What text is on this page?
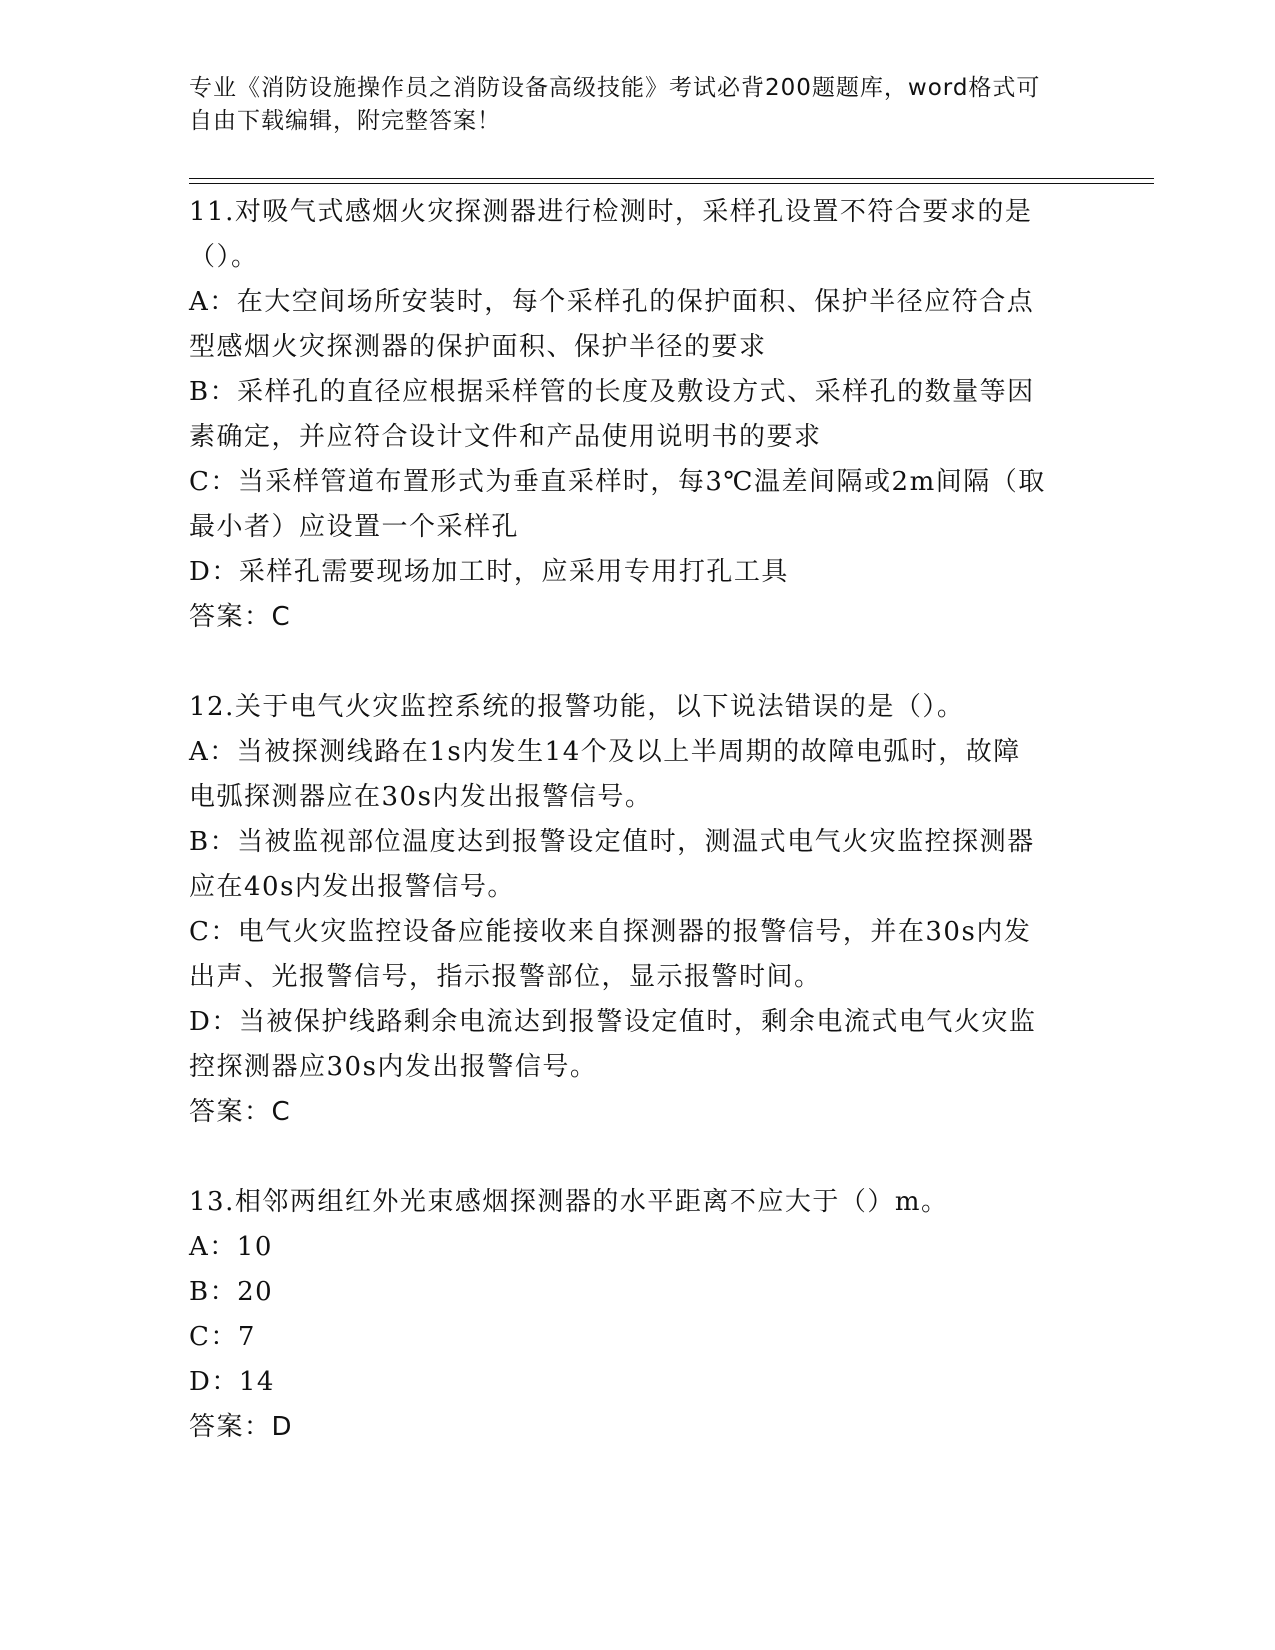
专业《消防设施操作员之消防设备高级技能》考试必背200题题库，word格式可

自由下载编辑，附完整答案！

11.对吸气式感烟火灾探测器进行检测时，采样孔设置不符合要求的是

（）。

A：在大空间场所安装时，每个采样孔的保护面积、保护半径应符合点

型感烟火灾探测器的保护面积、保护半径的要求

B：采样孔的直径应根据采样管的长度及敷设方式、采样孔的数量等因

素确定，并应符合设计文件和产品使用说明书的要求

C：当采样管道布置形式为垂直采样时，每3℃温差间隔或2m间隔（取

最小者）应设置一个采样孔

D：采样孔需要现场加工时，应采用专用打孔工具

答案：C

12.关于电气火灾监控系统的报警功能，以下说法错误的是（）。

A：当被探测线路在1s内发生14个及以上半周期的故障电弧时，故障

电弧探测器应在30s内发出报警信号。

B：当被监视部位温度达到报警设定值时，测温式电气火灾监控探测器

应在40s内发出报警信号。

C：电气火灾监控设备应能接收来自探测器的报警信号，并在30s内发

出声、光报警信号，指示报警部位，显示报警时间。

D：当被保护线路剩余电流达到报警设定值时，剩余电流式电气火灾监

控探测器应30s内发出报警信号。

答案：C

13.相邻两组红外光束感烟探测器的水平距离不应大于（）m。

A：10

B：20

C：7

D：14

答案：D
